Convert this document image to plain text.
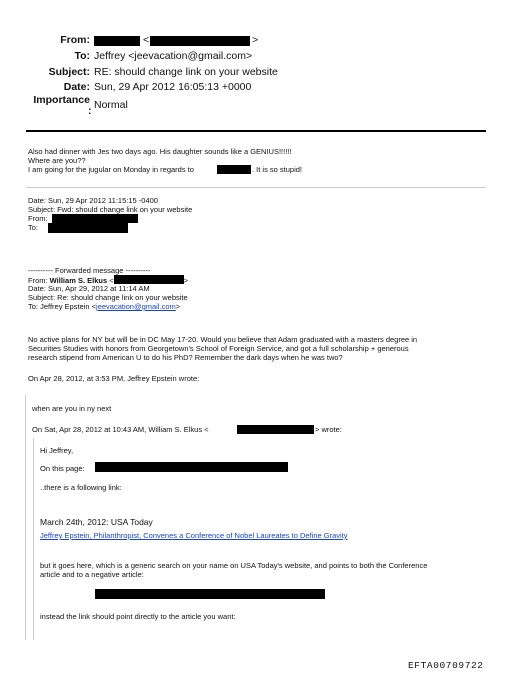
From:	<	>
To: Jeffrey <jeevacation@gmail.com>
Subject: RE: should change link on your website
Date: Sun, 29 Apr 2012 16:05:13 +0000
Importance
: Normal
Also had dinner with Jes two days ago. His daughter sounds like a GENIUS!!!!!!
Where are you??
I am going for the jugular on Monday in regards to	. It is so stupid!
Date: Sun, 29 Apr 2012 11:15:15 -0400
Subject: Fwd: should change link on your website
From:
To:
---------- Forwarded message ----------
From: William S. Elkus <	>
Date: Sun, Apr 29, 2012 at 11:14 AM
Subject: Re: should change link on your website
To: Jeffrey Epstein <jeevacation@gmail.com>
No active plans for NY but will be in DC May 17-20. Would you believe that Adam graduated with a masters degree in
Securities Studies with honors from Georgetown's School of Foreign Service, and got a full scholarship + generous
research stipend from American U to do his PhD? Remember the dark days when he was two?
On Apr 28, 2012, at 3:53 PM, Jeffrey Epstein wrote:
when are you in ny next
On Sat, Apr 28, 2012 at 10:43 AM, William S. Elkus <	> wrote:
Hi Jeffrey,
On this page:
..there is a following link:
March 24th, 2012: USA Today
Jeffrey Epstein, Philanthropist, Convenes a Conference of Nobel Laureates to Define Gravity
but it goes here, which is a generic search on your name on USA Today's website, and points to both the Conference
article and to a negative article:
instead the link should point directly to the article you want:
EFTA00709722
